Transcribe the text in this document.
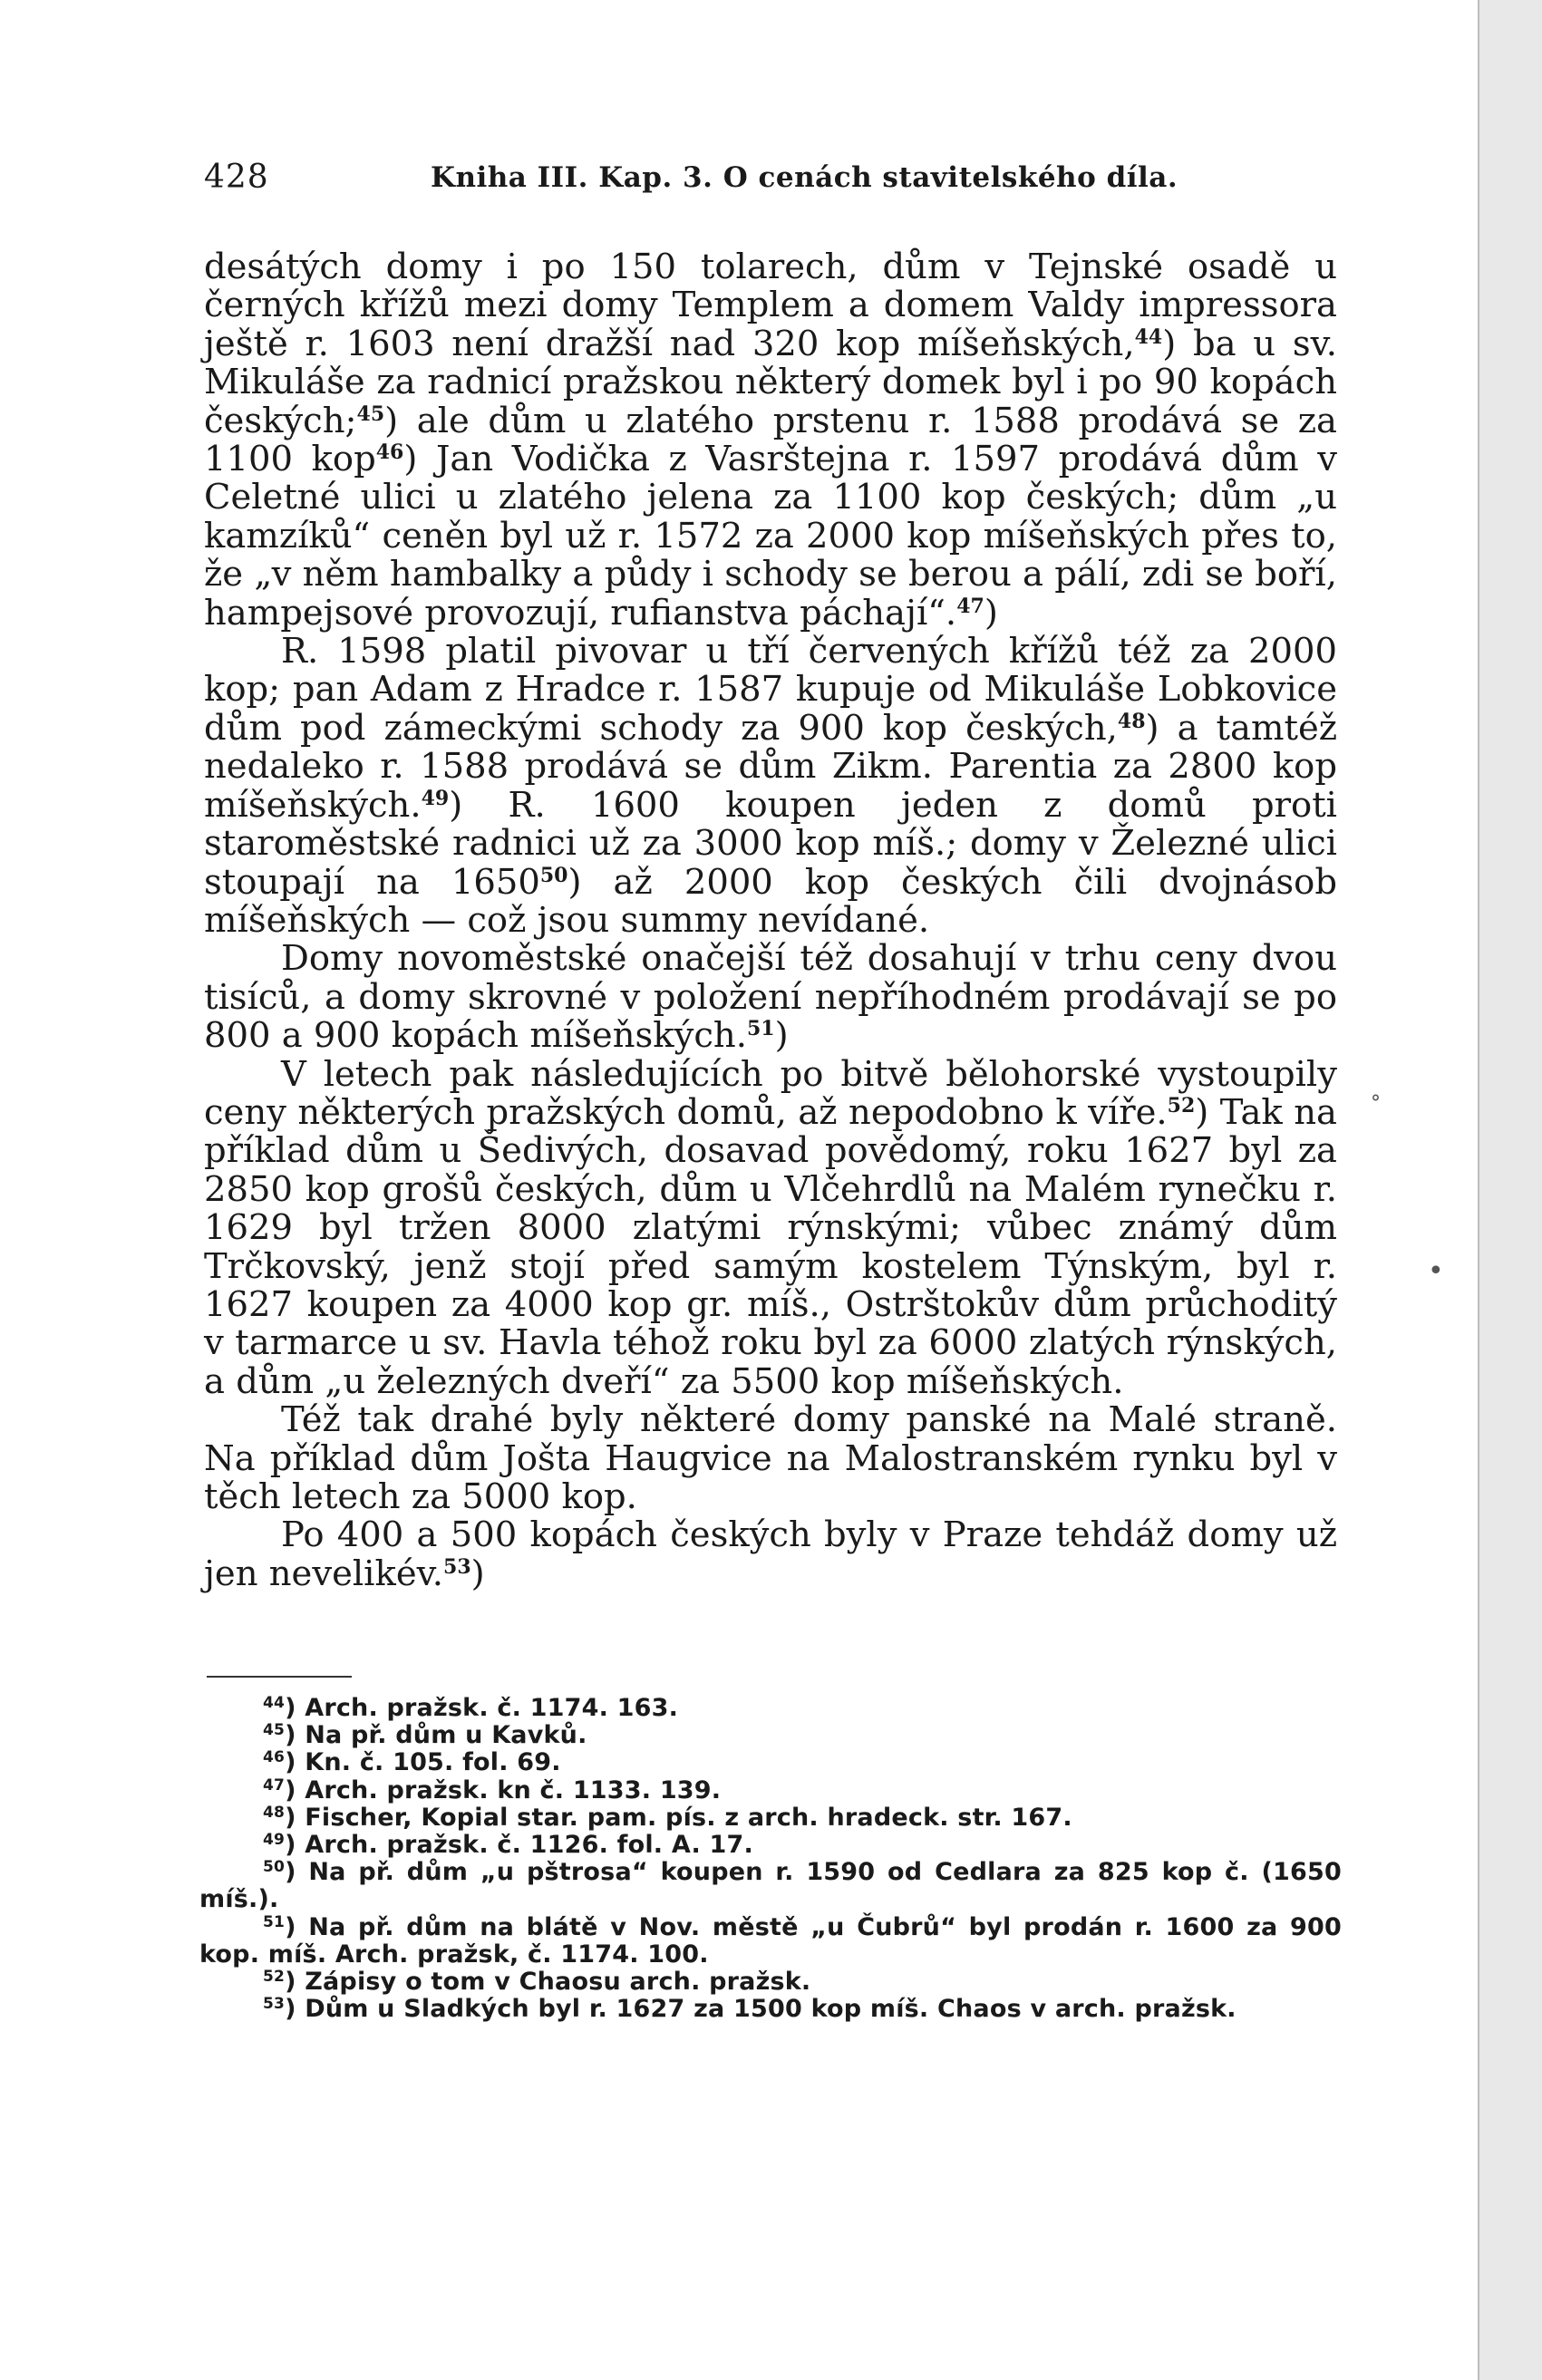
428	Kniha III. Kap. 3. O cenách stavitelského díla.

desátých domy i po 150 tolarech, dům v Tejnské osadě u černých křížů mezi domy Templem a domem Valdy impressora ještě r. 1603 není dražší nad 320 kop míšeňských,$^{44}$) ba u sv. Mikuláše za radnicí pražskou některý domek byl i po 90 kopách českých;$^{45}$) ale dům u zlatého prstenu r. 1588 prodává se za 1100 kop$^{46}$) Jan Vodička z Vasrštejna r. 1597 prodává dům v Celetné ulici u zlatého jelena za 1100 kop českých; dům „u kamzíků“ ceněn byl už r. 1572 za 2000 kop míšeňských přes to, že „v něm hambalky a půdy i schody se berou a pálí, zdi se boří, hampejsové provozují, rufianstva páchají“.$^{47}$)

R. 1598 platil pivovar u tří červených křížů též za 2000 kop; pan Adam z Hradce r. 1587 kupuje od Mikuláše Lobkovice dům pod zámeckými schody za 900 kop českých,$^{48}$) a tamtéž nedaleko r. 1588 prodává se dům Zikm. Parentia za 2800 kop míšeňských.$^{49}$) R. 1600 koupen jeden z domů proti staroměstské radnici už za 3000 kop míš.; domy v Železné ulici stoupají na 1650$^{50}$) až 2000 kop českých čili dvojnásob míšeňských — což jsou summy nevídané.

Domy novoměstské onačejší též dosahují v trhu ceny dvou tisíců, a domy skrovné v položení nepříhodném prodávají se po 800 a 900 kopách míšeňských.$^{51}$)

V letech pak následujících po bitvě bělohorské vystoupily ceny některých pražských domů, až nepodobno k víře.$^{52}$) Tak na příklad dům u Šedivých, dosavad povědomý, roku 1627 byl za 2850 kop grošů českých, dům u Vlčehrdlů na Malém rynečku r. 1629 byl tržen 8000 zlatými rýnskými; vůbec známý dům Trčkovský, jenž stojí před samým kostelem Týnským, byl r. 1627 koupen za 4000 kop gr. míš., Ostrštokův dům průchoditý v tarmarce u sv. Havla téhož roku byl za 6000 zlatých rýnských, a dům „u železných dveří“ za 5500 kop míšeňských.

Též tak drahé byly některé domy panské na Malé straně. Na příklad dům Jošta Haugvice na Malostranském rynku byl v těch letech za 5000 kop.

Po 400 a 500 kopách českých byly v Praze tehdáž domy už jen nevelikév.$^{53}$)

$^{44}$) Arch. pražsk. č. 1174. 163.

$^{45}$) Na př. dům u Kavků.

$^{46}$) Kn. č. 105. fol. 69.

$^{47}$) Arch. pražsk. kn č. 1133. 139.

$^{48}$) Fischer, Kopial star. pam. pís. z arch. hradeck. str. 167.

$^{49}$) Arch. pražsk. č. 1126. fol. A. 17.

$^{50}$) Na př. dům „u pštrosa“ koupen r. 1590 od Cedlara za 825 kop č. (1650 míš.).

$^{51}$) Na př. dům na blátě v Nov. městě „u Čubrů“ byl prodán r. 1600 za 900 kop. míš. Arch. pražsk, č. 1174. 100.

$^{52}$) Zápisy o tom v Chaosu arch. pražsk.

$^{53}$) Dům u Sladkých byl r. 1627 za 1500 kop míš. Chaos v arch. pražsk.

°
•
